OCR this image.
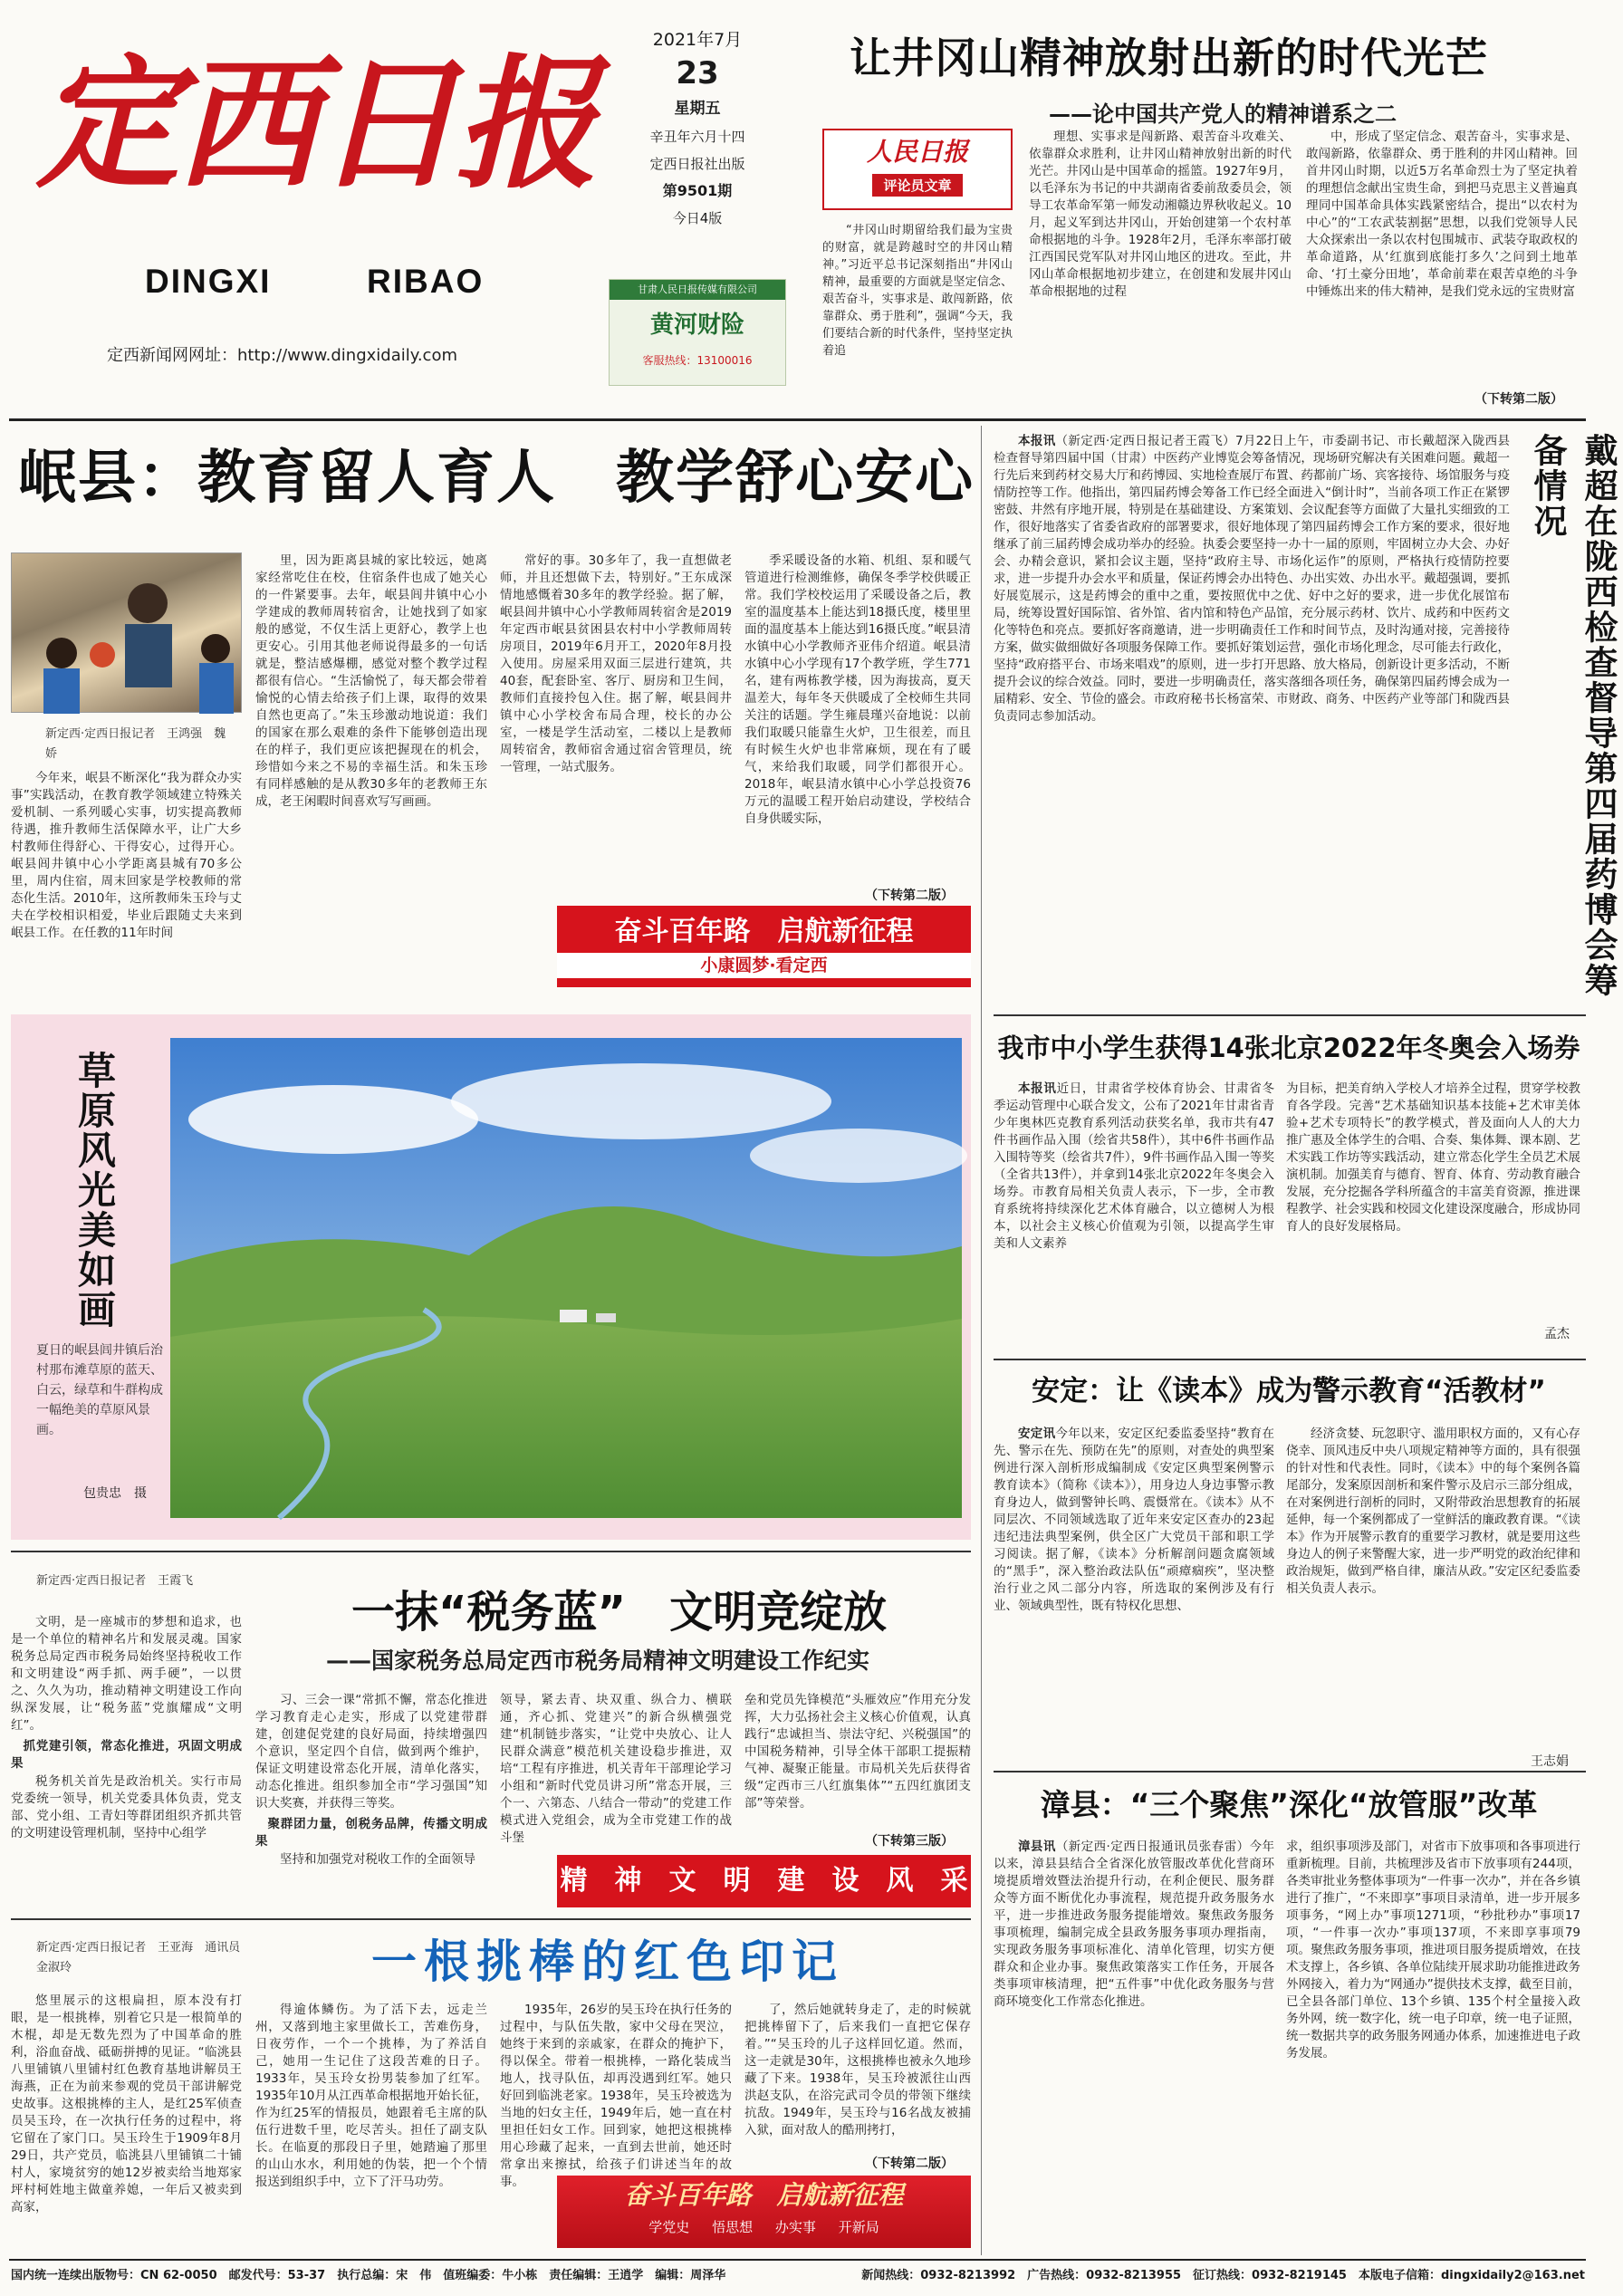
定西日报
DINGXI	RIBAO
定西新闻网网址：http://www.dingxidaily.com
2021年7月
23
星期五
辛丑年六月十四
定西日报社出版
第9501期
今日4版
甘肃人民日报传媒有限公司
黄河财险
客服热线：13100016
让井冈山精神放射出新的时代光芒
——论中国共产党人的精神谱系之二
人民日报
评论员文章
“井冈山时期留给我们最为宝贵的财富，就是跨越时空的井冈山精神。”习近平总书记深刻指出“井冈山精神，最重要的方面就是坚定信念、艰苦奋斗，实事求是、敢闯新路，依靠群众、勇于胜利”，强调“今天，我们要结合新的时代条件，坚持坚定执着追
理想、实事求是闯新路、艰苦奋斗攻难关、依靠群众求胜利，让井冈山精神放射出新的时代光芒。井冈山是中国革命的摇篮。1927年9月，以毛泽东为书记的中共湖南省委前敌委员会，领导工农革命军第一师发动湘赣边界秋收起义。10月，起义军到达井冈山，开始创建第一个农村革命根据地的斗争。1928年2月，毛泽东率部打破江西国民党军队对井冈山地区的进攻。至此，井冈山革命根据地初步建立，在创建和发展井冈山革命根据地的过程
中，形成了坚定信念、艰苦奋斗，实事求是、敢闯新路，依靠群众、勇于胜利的井冈山精神。回首井冈山时期，以近5万名革命烈士为了坚定执着的理想信念献出宝贵生命，到把马克思主义普遍真理同中国革命具体实践紧密结合，提出“以农村为中心”的“工农武装割据”思想，以我们党领导人民大众探索出一条以农村包围城市、武装夺取政权的革命道路，从‘红旗到底能打多久’之问到土地革命、‘打土豪分田地’，革命前辈在艰苦卓绝的斗争中锤炼出来的伟大精神，是我们党永远的宝贵财富
（下转第二版）
岷县：教育留人育人　教学舒心安心
新定西·定西日报记者　王鸿强　魏　娇
今年来，岷县不断深化“我为群众办实事”实践活动，在教育教学领域建立特殊关爱机制、一系列暖心实事，切实提高教师待遇，推升教师生活保障水平，让广大乡村教师住得舒心、干得安心，过得开心。岷县闾井镇中心小学距离县城有70多公里，周内住宿，周末回家是学校教师的常态化生活。2010年，这所教师朱玉玲与丈夫在学校相识相爱，毕业后跟随丈夫来到岷县工作。在任教的11年时间
里，因为距离县城的家比较远，她离家经常吃住在校，住宿条件也成了她关心的一件紧要事。去年，岷县闾井镇中心小学建成的教师周转宿舍，让她找到了如家般的感觉，不仅生活上更舒心，教学上也更安心。引用其他老师说得最多的一句话就是，整洁感爆棚，感觉对整个教学过程都很有信心。“生活愉悦了，每天都会带着愉悦的心情去给孩子们上课，取得的效果自然也更高了。”朱玉珍激动地说道：我们的国家在那么艰难的条件下能够创造出现在的样子，我们更应该把握现在的机会，珍惜如今来之不易的幸福生活。和朱玉珍有同样感触的是从教30多年的老教师王东成，老王闲暇时间喜欢写写画画。
常好的事。30多年了，我一直想做老师，并且还想做下去，特别好。”王东成深情地感慨着30多年的教学经验。据了解，岷县闾井镇中心小学教师周转宿舍是2019年定西市岷县贫困县农村中小学教师周转房项目，2019年6月开工，2020年8月投入使用。房屋采用双面三层进行建筑，共40套，配套卧室、客厅、厨房和卫生间，教师们直接拎包入住。据了解，岷县闾井镇中心小学校舍布局合理，校长的办公室，一楼是学生活动室，二楼以上是教师周转宿舍，教师宿舍通过宿舍管理员，统一管理，一站式服务。
季采暖设备的水箱、机组、泵和暖气管道进行检测维修，确保冬季学校供暖正常。我们学校校运用了采暖设备之后，教室的温度基本上能达到18摄氏度，楼里里面的温度基本上能达到16摄氏度。”岷县清水镇中心小学教师齐亚伟介绍道。岷县清水镇中心小学现有17个教学班，学生771名，建有两栋教学楼，因为海拔高，夏天温差大，每年冬天供暖成了全校师生共同关注的话题。学生雍晨瑾兴奋地说：以前我们取暖只能靠生火炉，卫生很差，而且有时候生火炉也非常麻烦，现在有了暖气，来给我们取暖，同学们都很开心。2018年，岷县清水镇中心小学总投资76万元的温暖工程开始启动建设，学校结合自身供暖实际，
（下转第二版）
奋斗百年路　启航新征程
小康圆梦·看定西	戴超在陇西检查督导第四届药博会筹备情况
本报讯（新定西·定西日报记者王霞飞）7月22日上午，市委副书记、市长戴超深入陇西县检查督导第四届中国（甘肃）中医药产业博览会筹备情况，现场研究解决有关困难问题。戴超一行先后来到药材交易大厅和药博园、实地检查展厅布置、药都前广场、宾客接待、场馆服务与疫情防控等工作。他指出，第四届药博会筹备工作已经全面进入“倒计时”，当前各项工作正在紧锣密鼓、井然有序地开展，特别是在基础建设、方案策划、会议配套等方面做了大量扎实细致的工作，很好地落实了省委省政府的部署要求，很好地体现了第四届药博会工作方案的要求，很好地继承了前三届药博会成功举办的经验。执委会要坚持一办十一届的原则，牢固树立办大会、办好会、办精会意识，紧扣会议主题，坚持“政府主导、市场化运作”的原则，严格执行疫情防控要求，进一步提升办会水平和质量，保证药博会办出特色、办出实效、办出水平。戴超强调，要抓好展览展示，这是药博会的重中之重，要按照优中之优、好中之好的要求，进一步优化展馆布局，统筹设置好国际馆、省外馆、省内馆和特色产品馆，充分展示药材、饮片、成药和中医药文化等特色和亮点。要抓好客商邀请，进一步明确责任工作和时间节点，及时沟通对接，完善接待方案，做实做细做好各项服务保障工作。要抓好策划运营，强化市场化理念，尽可能去行政化，坚持“政府搭平台、市场来唱戏”的原则，进一步打开思路、放大格局，创新设计更多活动，不断提升会议的综合效益。同时，要进一步明确责任，落实落细各项任务，确保第四届药博会成为一届精彩、安全、节俭的盛会。市政府秘书长杨富荣、市财政、商务、中医药产业等部门和陇西县负责同志参加活动。
草原风光美如画
夏日的岷县闾井镇后治村那布滩草原的蓝天、白云，绿草和牛群构成一幅绝美的草原风景画。
包贵忠　摄
我市中小学生获得14张北京2022年冬奥会入场券
本报讯近日，甘肃省学校体育协会、甘肃省冬季运动管理中心联合发文，公布了2021年甘肃省青少年奥林匹克教育系列活动获奖名单，我市共有47件书画作品入围（绘省共58件），其中6件书画作品入围特等奖（绘省共7件），9件书画作品入围一等奖（全省共13件），并拿到14张北京2022年冬奥会入场券。市教育局相关负责人表示，下一步，全市教育系统将持续深化艺术体育融合，以立德树人为根本，以社会主义核心价值观为引领，以提高学生审美和人文素养
为目标，把美育纳入学校人才培养全过程，贯穿学校教育各学段。完善“艺术基础知识基本技能+艺术审美体验+艺术专项特长”的教学模式，普及面向人人的大力推广惠及全体学生的合唱、合奏、集体舞、课本剧、艺术实践工作坊等实践活动，建立常态化学生全员艺术展演机制。加强美育与德育、智育、体育、劳动教育融合发展，充分挖掘各学科所蕴含的丰富美育资源，推进课程教学、社会实践和校园文化建设深度融合，形成协同育人的良好发展格局。
孟杰
安定：让《读本》成为警示教育“活教材”
安定讯今年以来，安定区纪委监委坚持“教育在先、警示在先、预防在先”的原则，对查处的典型案例进行深入剖析形成编制成《安定区典型案例警示教育读本》（简称《读本》），用身边人身边事警示教育身边人，做到警钟长鸣、震慑常在。《读本》从不同层次、不同领域选取了近年来安定区查办的23起违纪违法典型案例，供全区广大党员干部和职工学习阅读。据了解，《读本》分析解剖问题贪腐领域的“黑手”，深入整治政法队伍“顽瘴痼疾”，坚决整治行业之风二部分内容，所选取的案例涉及有行业、领域典型性，既有特权化思想、
经济贪婪、玩忽职守、滥用职权方面的，又有心存侥幸、顶风违反中央八项规定精神等方面的，具有很强的针对性和代表性。同时，《读本》中的每个案例各篇尾部分，发案原因剖析和案件警示及启示三部分组成，在对案例进行剖析的同时，又附带政治思想教育的拓展延伸，每一个案例都成了一堂鲜活的廉政教育课。“《读本》作为开展警示教育的重要学习教材，就是要用这些身边人的例子来警醒大家，进一步严明党的政治纪律和政治规矩，做到严格自律，廉洁从政。”安定区纪委监委相关负责人表示。
王志娟
漳县：“三个聚焦”深化“放管服”改革
漳县讯（新定西·定西日报通讯员张春雷）今年以来，漳县县结合全省深化放管服改革优化营商环境提质增效暨法治提升行动，在利企便民、服务群众等方面不断优化办事流程，规范提升政务服务水平，进一步推进政务服务提能增效。聚焦政务服务事项梳理，编制完成全县政务服务事项办理指南，实现政务服务事项标准化、清单化管理，切实方便群众和企业办事。聚焦政策落实工作任务，开展各类事项审核清理，把“五件事”中优化政务服务与营商环境变化工作常态化推进。
求，组织事项涉及部门，对省市下放事项和各事项进行重新梳理。目前，共梳理涉及省市下放事项有244项，各类审批业务整体事项为“一件事一次办”，并在各乡镇进行了推广，“不来即享”事项目录清单，进一步开展多项事务，“网上办”事项1271项，“秒批秒办”事项17项，“一件事一次办”事项137项，不来即享事项79项。聚焦政务服务事项，推进项目服务提质增效，在技术支撑上，各乡镇、各单位陆续开展求助功能推进政务外网接入，着力为“网通办”提供技术支撑，截至目前，已全县各部门单位、13个乡镇、135个村全量接入政务外网，统一数字化，统一电子印章，统一电子证照，统一数据共享的政务服务网通办体系，加速推进电子政务发展。
新定西·定西日报记者　王霞飞
一抹“税务蓝”　文明竞绽放
——国家税务总局定西市税务局精神文明建设工作纪实

文明，是一座城市的梦想和追求，也是一个单位的精神名片和发展灵魂。国家税务总局定西市税务局始终坚持税收工作和文明建设“两手抓、两手硬”，一以贯之、久久为功，推动精神文明建设工作向纵深发展，让“税务蓝”党旗耀成“文明红”。

抓党建引领，常态化推进，巩固文明成果

税务机关首先是政治机关。实行市局党委统一领导，机关党委具体负责，党支部、党小组、工青妇等群团组织齐抓共管的文明建设管理机制，坚持中心组学

习、三会一课“常抓不懈，常态化推进学习教育走心走实，形成了以党建带群建，创建促党建的良好局面，持续增强四个意识，坚定四个自信，做到两个维护，保证文明建设常态化开展，清单化落实，动态化推进。组织参加全市“学习强国”知识大奖赛，并获得三等奖。

聚群团力量，创税务品牌，传播文明成果

坚持和加强党对税收工作的全面领导

领导，紧去青、块双重、纵合力、横联通，齐心抓、党建兴”的新合纵横强党建“机制链步落实，“让党中央放心、让人民群众满意”模范机关建设稳步推进，双培“工程有序推进，机关青年干部理论学习小组和“新时代党员讲习所”常态开展，三个一、六第态、八结合一带动”的党建工作模式进入党组会，成为全市党建工作的战斗堡
垒和党员先锋模范“头雁效应”作用充分发挥，大力弘扬社会主义核心价值观，认真践行“忠诚担当、崇法守纪、兴税强国”的中国税务精神，引导全体干部职工提振精气神、凝聚正能量。市局机关先后获得省级“定西市三八红旗集体”“五四红旗团支部”等荣誉。
（下转第三版）
精　神　文　明　建　设　风　采
新定西·定西日报记者　王亚海　通讯员　金淑玲	一根挑棒的红色印记
悠里展示的这根扁担，原本没有打眼，是一根挑棒，别着它只是一根简单的木棍，却是无数先烈为了中国革命的胜利，浴血奋战、砥砺拼搏的见证。“临洮县八里铺镇八里铺村红色教育基地讲解员王海燕，正在为前来参观的党员干部讲解党史故事。这根挑棒的主人，是红25军侦查员吴玉玲，在一次执行任务的过程中，将它留在了家门口。吴玉玲生于1909年8月29日，共产党员，临洮县八里铺镇二十铺村人，家境贫穷的她12岁被卖给当地郑家坪村柯姓地主做童养媳，一年后又被卖到高家，
得逾体鳞伤。为了活下去，远走兰州，又落到地主家里做长工，苦难伤身，日夜劳作，一个一个挑棒，为了养活自己，她用一生记住了这段苦难的日子。1933年，吴玉玲女扮男装参加了红军。1935年10月从江西革命根据地开始长征，作为红25军的情报员，她跟着毛主席的队伍行进数千里，吃尽苦头。担任了副支队长。在临夏的那段日子里，她踏遍了那里的山山水水，利用她的伪装，把一个个情报送到组织手中，立下了汗马功劳。
1935年，26岁的吴玉玲在执行任务的过程中，与队伍失散，家中父母在哭泣，她终于来到的亲戚家，在群众的掩护下，得以保全。带着一根挑棒，一路化装成当地人，找寻队伍，却再没遇到红军。她只好回到临洮老家。1938年，吴玉玲被选为当地的妇女主任，1949年后，她一直在村里担任妇女工作。回到家，她把这根挑棒用心珍藏了起来，一直到去世前，她还时常拿出来擦拭，给孩子们讲述当年的故事。
了，然后她就转身走了，走的时候就把挑棒留下了，后来我们一直把它保存着。”“吴玉玲的儿子这样回忆道。然而，这一走就是30年，这根挑棒也被永久地珍藏了下来。1938年，吴玉玲被派往山西洪赵支队，在浴完武司令员的带领下继续抗敌。1949年，吴玉玲与16名战友被捕入狱，面对敌人的酷刑拷打，
（下转第二版）
奋斗百年路　启航新征程
学党史 悟思想 办实事 开新局
国内统一连续出版物号：CN 62-0050　邮发代号：53-37　执行总编：宋　伟　值班编委：牛小栋　责任编辑：王逍学　编辑：周泽华	新闻热线：0932-8213992　广告热线：0932-8213955　征订热线：0932-8219145　本版电子信箱：dingxidaily2@163.net
